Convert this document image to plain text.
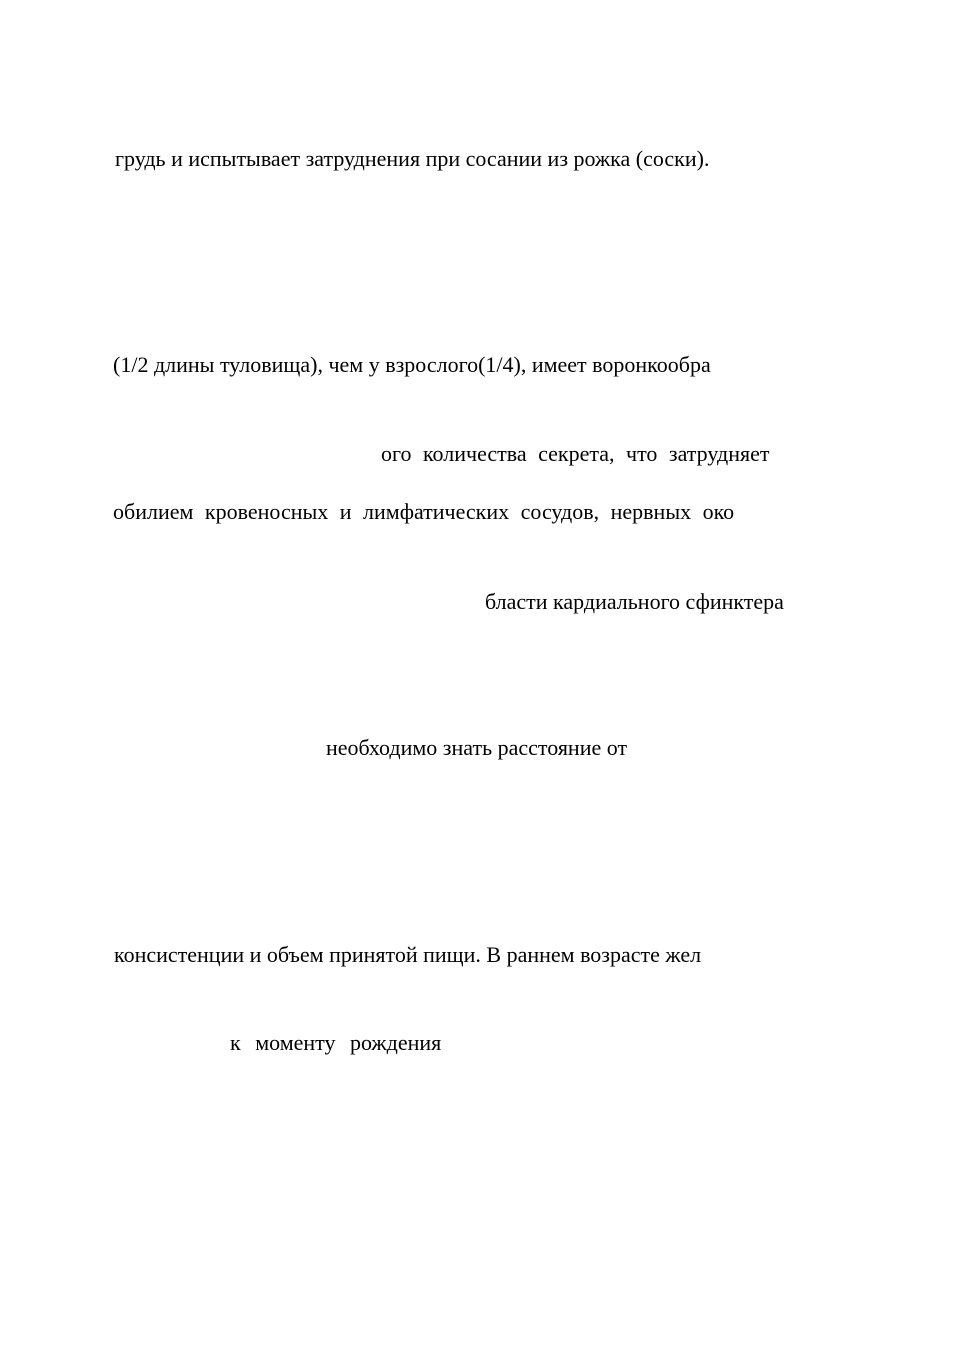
грудь и испытывает затруднения при сосании из рожка (соски).

(1/2 длины туловища), чем у взрослого(1/4), имеет воронкообра

ого количества секрета, что затрудняет

обилием кровеносных и лимфатических сосудов, нервных око

бласти кардиального сфинктера

необходимо знать расстояние от

консистенции и объем принятой пищи. В раннем возрасте жел

к моменту рождения
